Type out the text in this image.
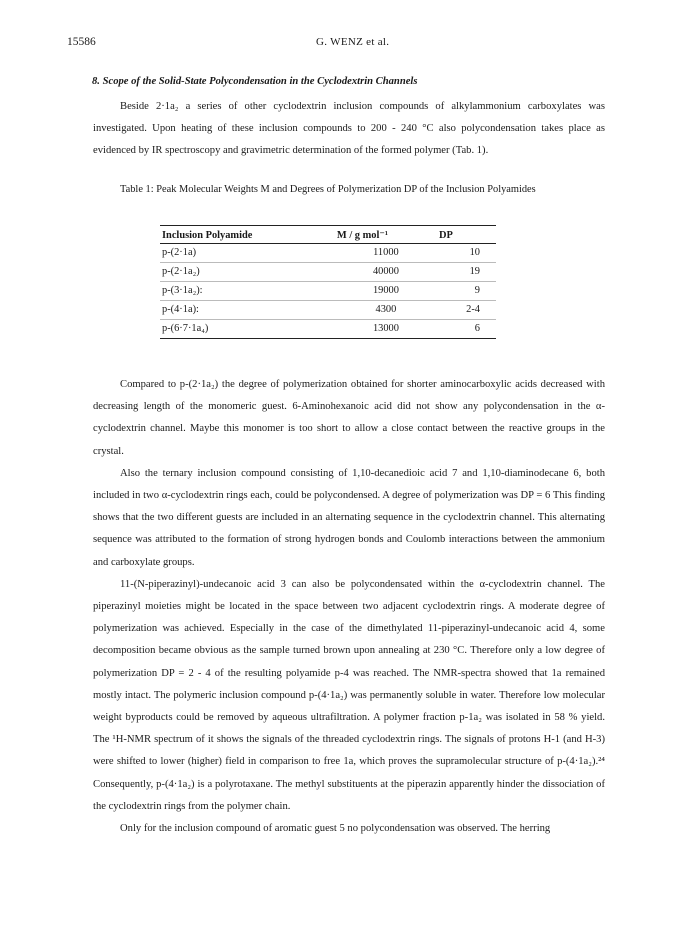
15586	G. WENZ et al.
8. Scope of the Solid-State Polycondensation in the Cyclodextrin Channels

Beside 2·1a₂ a series of other cyclodextrin inclusion compounds of alkylammonium carboxylates was investigated. Upon heating of these inclusion compounds to 200 - 240 °C also polycondensation takes place as evidenced by IR spectroscopy and gravimetric determination of the formed polymer (Tab. 1).

Table 1: Peak Molecular Weights M and Degrees of Polymerization DP of the Inclusion Polyamides
Inclusion Polyamide	M / g mol⁻¹	DP
p-(2·1a)	11000	10
p-(2·1a₂)	40000	19
p-(3·1a₂):	19000	9
p-(4·1a):	4300	2-4
p-(6·7·1a₄)	13000	6

Compared to p-(2·1a₂) the degree of polymerization obtained for shorter aminocarboxylic acids decreased with decreasing length of the monomeric guest. 6-Aminohexanoic acid did not show any polycondensation in the α-cyclodextrin channel. Maybe this monomer is too short to allow a close contact between the reactive groups in the crystal.

Also the ternary inclusion compound consisting of 1,10-decanedioic acid 7 and 1,10-diaminodecane 6, both included in two α-cyclodextrin rings each, could be polycondensed. A degree of polymerization was DP = 6 This finding shows that the two different guests are included in an alternating sequence in the cyclodextrin channel. This alternating sequence was attributed to the formation of strong hydrogen bonds and Coulomb interactions between the ammonium and carboxylate groups.

11-(N-piperazinyl)-undecanoic acid 3 can also be polycondensated within the α-cyclodextrin channel. The piperazinyl moieties might be located in the space between two adjacent cyclodextrin rings. A moderate degree of polymerization was achieved. Especially in the case of the dimethylated 11-piperazinyl-undecanoic acid 4, some decomposition became obvious as the sample turned brown upon annealing at 230 °C. Therefore only a low degree of polymerization DP = 2 - 4 of the resulting polyamide p-4 was reached. The NMR-spectra showed that 1a remained mostly intact. The polymeric inclusion compound p-(4·1a₂) was permanently soluble in water. Therefore low molecular weight byproducts could be removed by aqueous ultrafiltration. A polymer fraction p-1a₂ was isolated in 58 % yield. The ¹H-NMR spectrum of it shows the signals of the threaded cyclodextrin rings. The signals of protons H-1 (and H-3) were shifted to lower (higher) field in comparison to free 1a, which proves the supramolecular structure of p-(4·1a₂).²⁴ Consequently, p-(4·1a₂) is a polyrotaxane. The methyl substituents at the piperazin apparently hinder the dissociation of the cyclodextrin rings from the polymer chain.

Only for the inclusion compound of aromatic guest 5 no polycondensation was observed. The herring
